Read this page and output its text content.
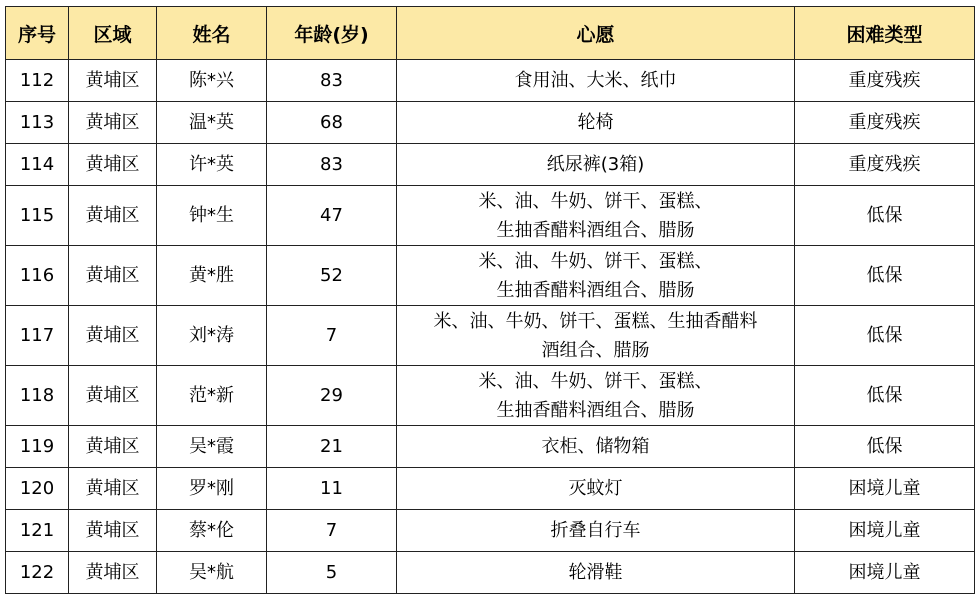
序号	区域	姓名	年龄(岁)	心愿	困难类型
112	黄埔区	陈*兴	83	食用油、大米、纸巾	重度残疾
113	黄埔区	温*英	68	轮椅	重度残疾
114	黄埔区	许*英	83	纸尿裤(3箱)	重度残疾
115	黄埔区	钟*生	47	米、油、牛奶、饼干、蛋糕、
生抽香醋料酒组合、腊肠	低保
116	黄埔区	黄*胜	52	米、油、牛奶、饼干、蛋糕、
生抽香醋料酒组合、腊肠	低保
117	黄埔区	刘*涛	7	米、油、牛奶、饼干、蛋糕、生抽香醋料
酒组合、腊肠	低保
118	黄埔区	范*新	29	米、油、牛奶、饼干、蛋糕、
生抽香醋料酒组合、腊肠	低保
119	黄埔区	吴*霞	21	衣柜、储物箱	低保
120	黄埔区	罗*刚	11	灭蚊灯	困境儿童
121	黄埔区	蔡*伦	7	折叠自行车	困境儿童
122	黄埔区	吴*航	5	轮滑鞋	困境儿童
